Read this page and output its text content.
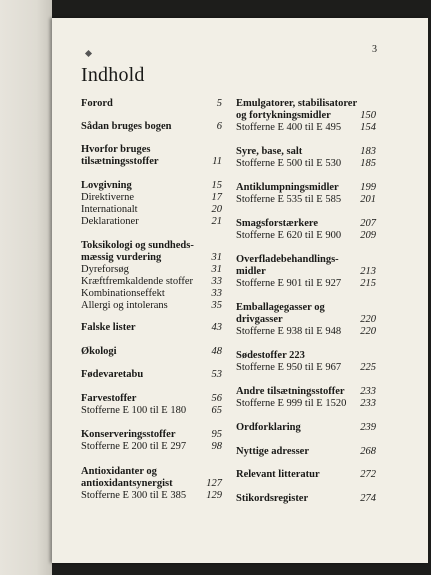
3
Indhold
Forord	5
Sådan bruges bogen	6
Hvorfor bruges
tilsætningsstoffer	11
Lovgivning	15
Direktiverne	17
Internationalt	20
Deklarationer	21
Toksikologi og sundheds-
mæssig vurdering	31
Dyreforsøg	31
Kræftfremkaldende stoffer	33
Kombinationseffekt	33
Allergi og intolerans	35
Falske lister	43
Økologi	48
Fødevaretabu	53
Farvestoffer	56
Stofferne E 100 til E 180	65
Konserveringsstoffer	95
Stofferne E 200 til E 297	98
Antioxidanter og
antioxidantsynergist	127
Stofferne E 300 til E 385	129
Emulgatorer, stabilisatorer
og fortykningsmidler	150
Stofferne E 400 til E 495	154
Syre, base, salt	183
Stofferne E 500 til E 530	185
Antiklumpningsmidler	199
Stofferne E 535 til E 585	201
Smagsforstærkere	207
Stofferne E 620 til E 900	209
Overfladebehandlings-
midler	213
Stofferne E 901 til E 927	215
Emballagegasser og
drivgasser	220
Stofferne E 938 til E 948	220
Sødestoffer 223
Stofferne E 950 til E 967	225
Andre tilsætningsstoffer	233
Stofferne E 999 til E 1520	233
Ordforklaring	239
Nyttige adresser	268
Relevant litteratur	272
Stikordsregister	274
